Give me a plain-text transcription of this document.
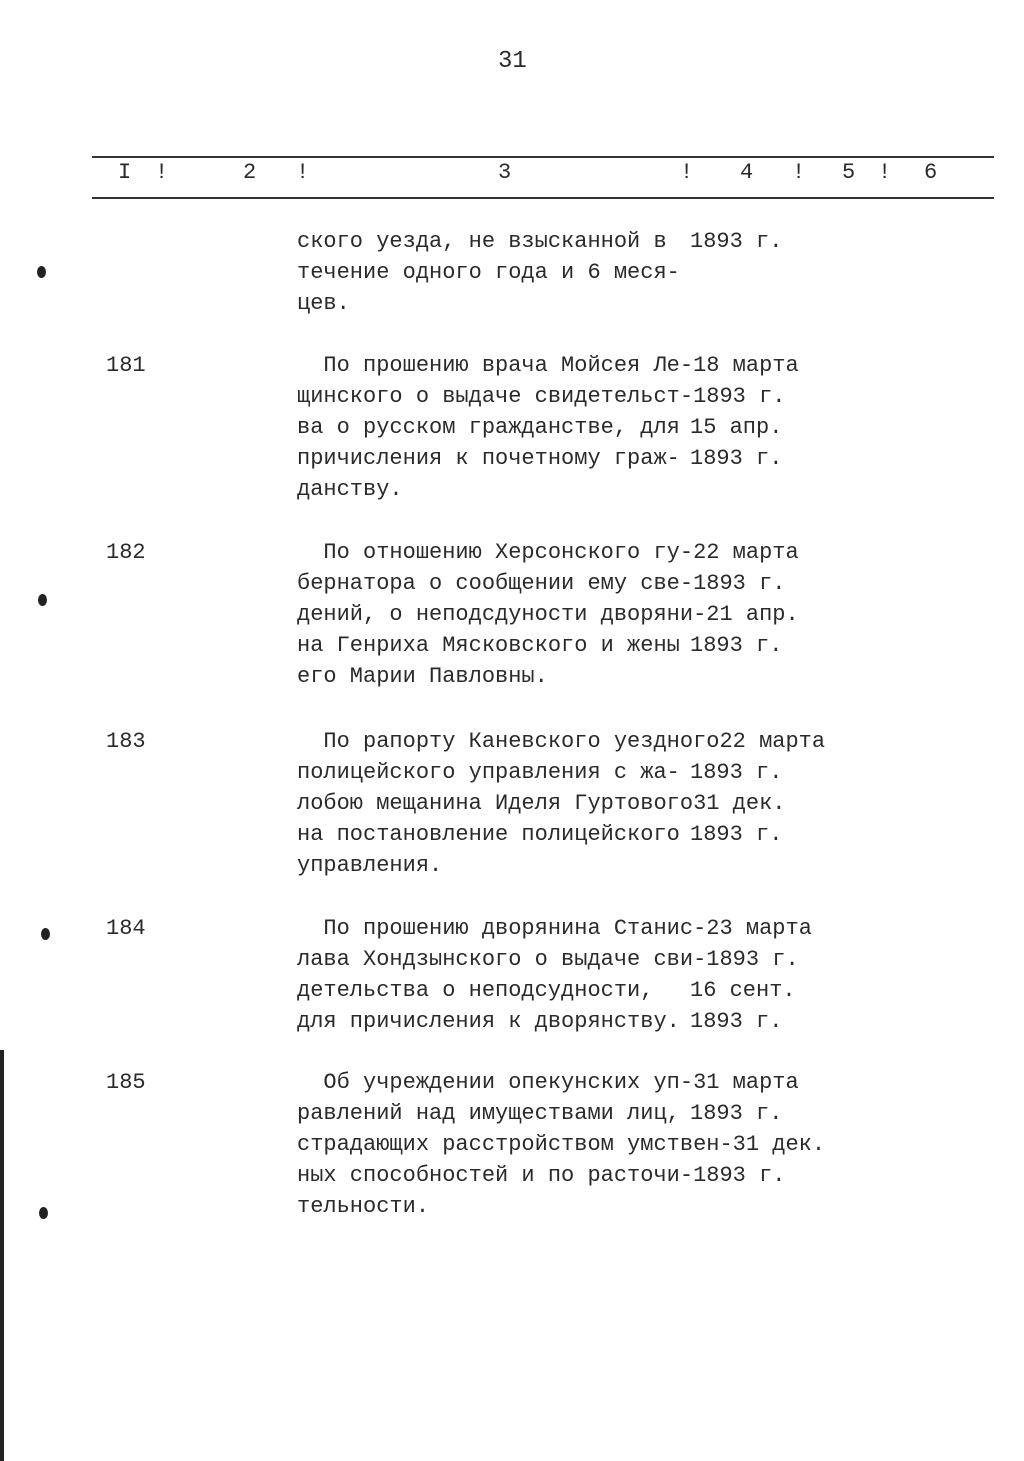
31
I !	2 !	3	! 4 ! 5 ! 6
ского уезда, не взысканной в	1893 г.
течение одного года и 6 меся-
цев.
181	По прошению врача Мойсея Ле- 18 марта
щинского о выдаче свидетельст- 1893 г.
ва о русском гражданстве, для 15 апр.
причисления к почетному граж- 1893 г.
данству.
182	По отношению Херсонского гу- 22 марта
бернатора о сообщении ему све- 1893 г.
дений, о неподсдуности дворяни- 21 апр.
на Генриха Мясковского и жены 1893 г.
его Марии Павловны.
183	По рапорту Каневского уездного 22 марта
полицейского управления с жа- 1893 г.
лобою мещанина Иделя Гуртового 31 дек.
на постановление полицейского 1893 г.
управления.
184	По прошению дворянина Станис- 23 марта
лава Хондзынского о выдаче сви- 1893 г.
детельства о неподсудности,	16 сент.
для причисления к дворянству. 1893 г.
185	Об учреждении опекунских уп- 31 марта
равлений над имуществами лиц, 1893 г.
страдающих расстройством умствен- 31 дек.
ных способностей и по расточи- 1893 г.
тельности.
